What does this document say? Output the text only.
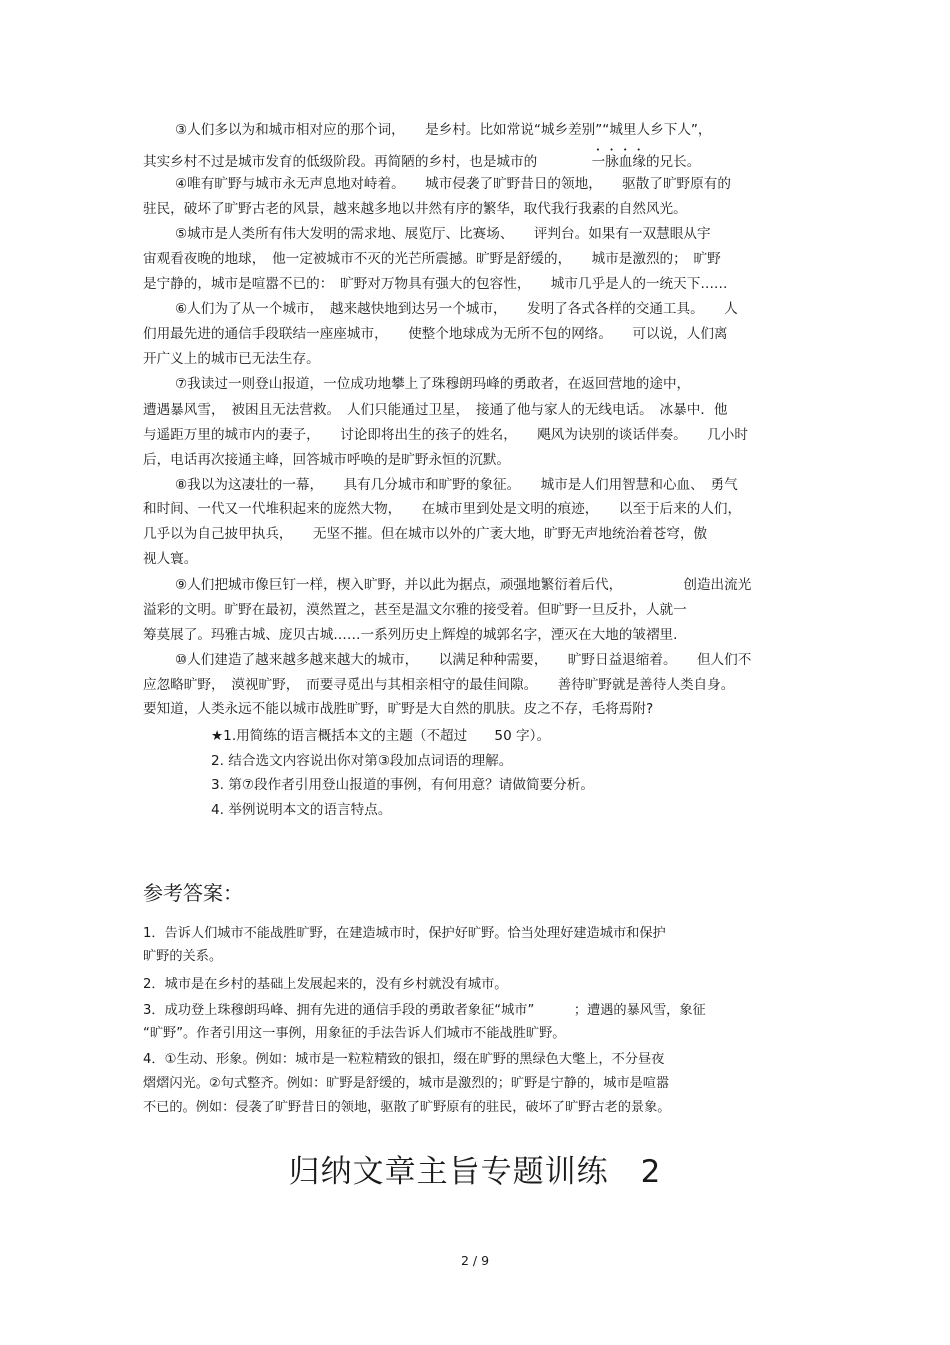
③人们多以为和城市相对应的那个词，　　是乡村。比如常说“城乡差别”“城里人乡下人”，
其实乡村不过是城市发育的低级阶段。再简陋的乡村，也是城市的　　　　一脉血缘的兄长。
④唯有旷野与城市永无声息地对峙着。　　城市侵袭了旷野昔日的领地，　　驱散了旷野原有的
驻民，破坏了旷野古老的风景，越来越多地以井然有序的繁华，取代我行我素的自然风光。
⑤城市是人类所有伟大发明的需求地、展览厅、比赛场、　　评判台。如果有一双慧眼从宇
宙观看夜晚的地球，　他一定被城市不灭的光芒所震撼。旷野是舒缓的，　　城市是激烈的；　旷野
是宁静的，城市是喧嚣不已的：　旷野对万物具有强大的包容性，　　城市几乎是人的一统天下……
⑥人们为了从一个城市，　越来越快地到达另一个城市，　　发明了各式各样的交通工具。　　人
们用最先进的通信手段联结一座座城市，　　使整个地球成为无所不包的网络。　　可以说，人们离
开广义上的城市已无法生存。
⑦我读过一则登山报道，一位成功地攀上了珠穆朗玛峰的勇敢者，在返回营地的途中，
遭遇暴风雪，　被困且无法营救。　人们只能通过卫星，　接通了他与家人的无线电话。　冰暴中．他
与遥距万里的城市内的妻子，　　讨论即将出生的孩子的姓名，　　飓风为诀别的谈话伴奏。　　几小时
后，电话再次接通主峰，回答城市呼唤的是旷野永恒的沉默。
⑧我以为这凄壮的一幕，　　具有几分城市和旷野的象征。　　城市是人们用智慧和心血、　勇气
和时间、一代又一代堆积起来的庞然大物，　　在城市里到处是文明的痕迹，　　以至于后来的人们，
几乎以为自己披甲执兵，　　无坚不摧。但在城市以外的广袤大地，旷野无声地统治着苍穹，傲
视人寰。
⑨人们把城市像巨钉一样，楔入旷野，并以此为据点，顽强地繁衍着后代，　　　　　创造出流光
溢彩的文明。旷野在最初，漠然置之，甚至是温文尔雅的接受着。但旷野一旦反扑，人就一
筹莫展了。玛雅古城、庞贝古城……一系列历史上辉煌的城郭名字，湮灭在大地的皱褶里.
⑩人们建造了越来越多越来越大的城市，　　以满足种种需要，　　旷野日益退缩着。　　但人们不
应忽略旷野，　漠视旷野，　而要寻觅出与其相亲相守的最佳间隙。　　善待旷野就是善待人类自身。
要知道，人类永远不能以城市战胜旷野，旷野是大自然的肌肤。皮之不存，毛将焉附?
★1.用简练的语言概括本文的主题（不超过　　50 字）。
2. 结合选文内容说出你对第③段加点词语的理解。
3. 第⑦段作者引用登山报道的事例，有何用意？请做简要分析。
4. 举例说明本文的语言特点。
参考答案：
1．告诉人们城市不能战胜旷野，在建造城市时，保护好旷野。恰当处理好建造城市和保护
旷野的关系。
2．城市是在乡村的基础上发展起来的，没有乡村就没有城市。
3．成功登上珠穆朗玛峰、拥有先进的通信手段的勇敢者象征“城市”　　　；遭遇的暴风雪，象征
“旷野”。作者引用这一事例，用象征的手法告诉人们城市不能战胜旷野。
4．①生动、形象。例如：城市是一粒粒精致的银扣，缀在旷野的黑绿色大氅上，不分昼夜
熠熠闪光。②句式整齐。例如：旷野是舒缓的，城市是激烈的；旷野是宁静的，城市是喧嚣
不已的。例如：侵袭了旷野昔日的领地，驱散了旷野原有的驻民，破坏了旷野古老的景象。
归纳文章主旨专题训练　2
2 / 9
